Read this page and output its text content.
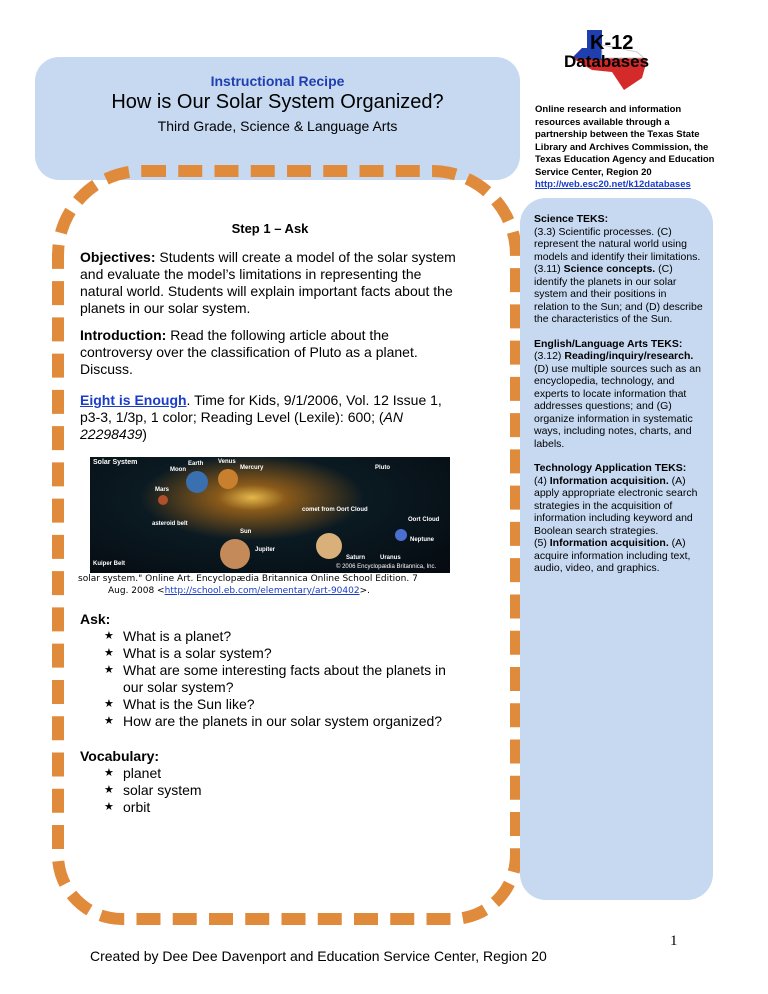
Instructional Recipe
How is Our Solar System Organized?
Third Grade, Science & Language Arts
K-12
Databases
Online research and information resources available through a partnership between the Texas State Library and Archives Commission, the Texas Education Agency and Education Service Center, Region 20
http://web.esc20.net/k12databases
Step 1 – Ask

Objectives: Students will create a model of the solar system and evaluate the model’s limitations in representing the natural world. Students will explain important facts about the planets in our solar system.

Introduction: Read the following article about the controversy over the classification of Pluto as a planet. Discuss.

Eight is Enough. Time for Kids, 9/1/2006, Vol. 12 Issue 1, p3-3, 1/3p, 1 color; Reading Level (Lexile): 600; (AN 22298439)

Solar System	Earth Venus
Mercury
Moon
Mars
asteroid belt
Sun
Jupiter
Saturn Uranus
Neptune
Pluto
comet from Oort Cloud
Oort Cloud
Kuiper Belt	© 2006 Encyclopædia Britannica, Inc.
solar system." Online Art. Encyclopædia Britannica Online School Edition. 7
Aug. 2008 <http://school.eb.com/elementary/art-90402>.
Ask:
★ What is a planet?
★ What is a solar system?
★ What are some interesting facts about the planets in our solar system?
★ What is the Sun like?
★ How are the planets in our solar system organized?
Vocabulary:
★ planet
★ solar system
★ orbit
Science TEKS:
(3.3) Scientific processes. (C) represent the natural world using models and identify their limitations.
(3.11) Science concepts. (C) identify the planets in our solar system and their positions in relation to the Sun; and (D) describe the characteristics of the Sun.
English/Language Arts TEKS:
(3.12) Reading/inquiry/research. (D) use multiple sources such as an encyclopedia, technology, and experts to locate information that addresses questions; and (G) organize information in systematic ways, including notes, charts, and labels.
Technology Application TEKS:
(4) Information acquisition. (A) apply appropriate electronic search strategies in the acquisition of information including keyword and Boolean search strategies.
(5) Information acquisition. (A) acquire information including text, audio, video, and graphics.
1
Created by Dee Dee Davenport and Education Service Center, Region 20
